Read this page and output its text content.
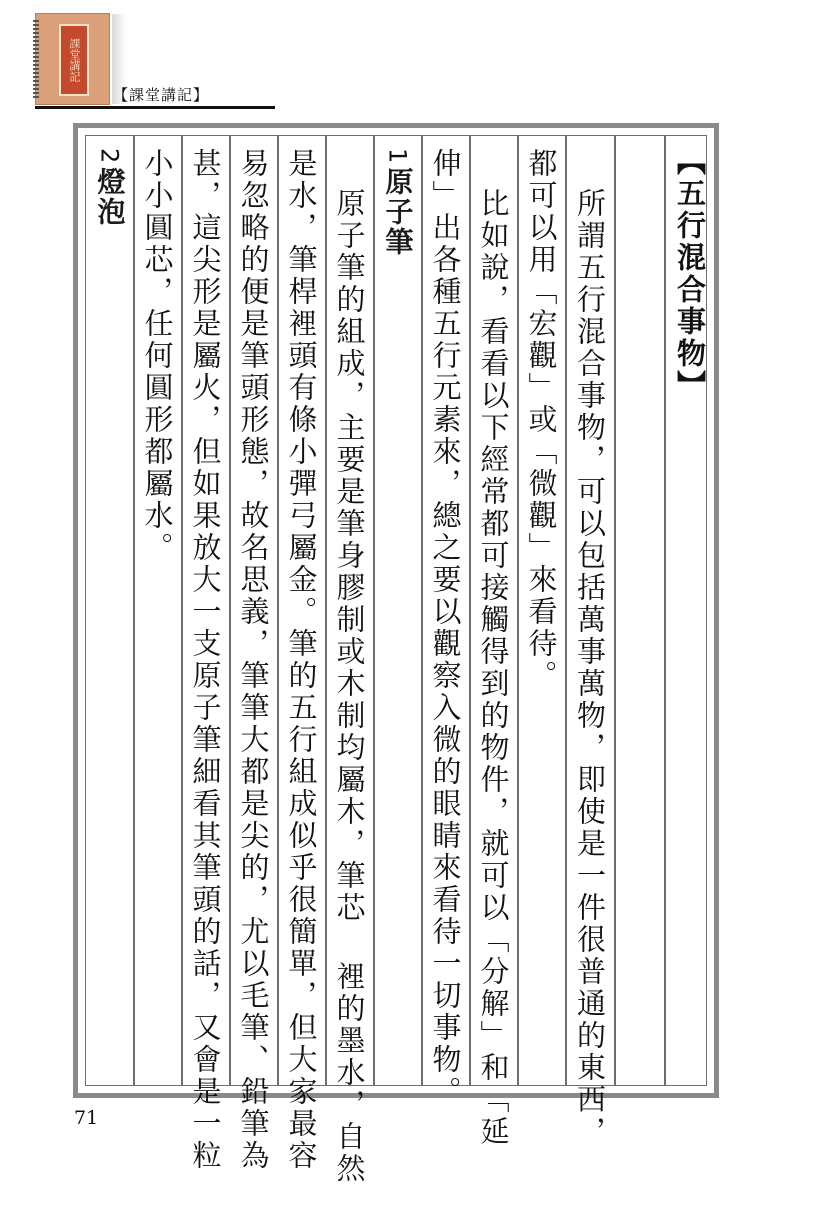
課堂講記
【課堂講記】
【五行混合事物】
所謂五行混合事物，可以包括萬事萬物，即使是一件很普通的東西，
都可以用「宏觀」或「微觀」來看待。
比如說，看看以下經常都可接觸得到的物件，就可以「分解」和「延
伸」出各種五行元素來，總之要以觀察入微的眼睛來看待一切事物。
1
原子筆
原子筆的組成，主要是筆身膠制或木制均屬木，筆芯 裡的墨水，自然
是水，筆桿裡頭有條小彈弓屬金。筆的五行組成似乎很簡單，但大家最容
易忽略的便是筆頭形態，故名思義，筆筆大都是尖的，尤以毛筆、鉛筆為
甚，這尖形是屬火，但如果放大一支原子筆細看其筆頭的話，又會是一粒
小小圓芯，任何圓形都屬水。
2
燈泡
71
